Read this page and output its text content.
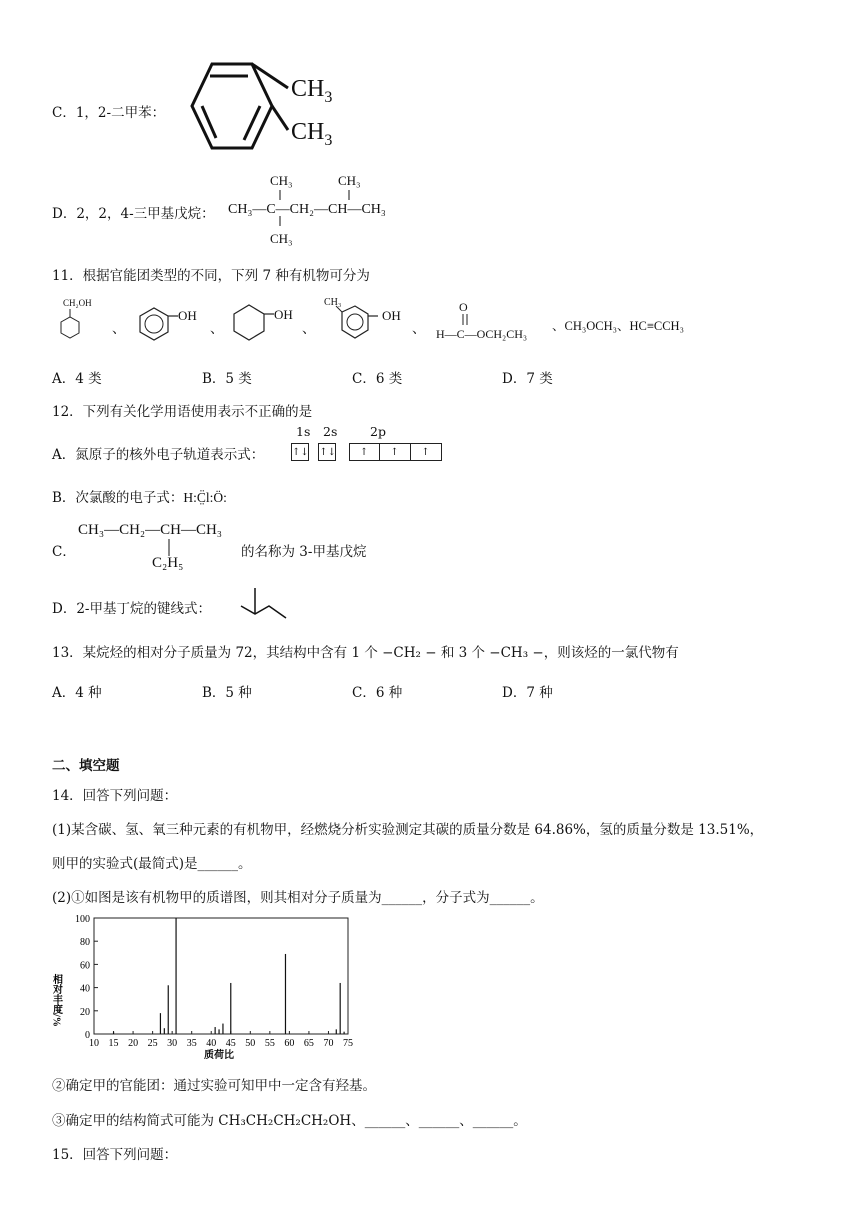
C．1，2-二甲苯：
$CH_3$
$CH_3$
D．2，2，4-三甲基戊烷：
CH₃	CH₃
CH₃—C—CH₂—CH—CH₃
CH₃
11．根据官能团类型的不同，下列 7 种有机物可分为
CH₂OH
、
OH
、
OH
、
CH₃
OH
、
O
H—C—OCH₂CH₃
、CH₃OCH₃、HC≡CCH₃
A．4 类	B．5 类	C．6 类	D．7 类
12．下列有关化学用语使用表示不正确的是
A．氮原子的核外电子轨道表示式：
1s 2s	2p
↑↓ ↑↓ ↑ ↑ ↑
B．次氯酸的电子式：H:C̤̈l:Ö:
C．
CH₃—CH₂—CH—CH₃
C₂H₅
的名称为 3-甲基戊烷
D．2-甲基丁烷的键线式：
13．某烷烃的相对分子质量为 72，其结构中含有 1 个 −CH₂ − 和 3 个 −CH₃ −，则该烃的一氯代物有
A．4 种	B．5 种	C．6 种	D．7 种
二、填空题
14．回答下列问题：
(1)某含碳、氢、氧三种元素的有机物甲，经燃烧分析实验测定其碳的质量分数是 64.86%，氢的质量分数是 13.51%，
则甲的实验式(最简式)是______。
(2)①如图是该有机物甲的质谱图，则其相对分子质量为______，分子式为______。
0
20
40
60
80
100
10 15 20 25 30 35 40 45 50 55 60 65 70 75
相对丰度/%
质荷比
②确定甲的官能团：通过实验可知甲中一定含有羟基。
③确定甲的结构简式可能为 CH₃CH₂CH₂CH₂OH、______、______、______。
15．回答下列问题：
